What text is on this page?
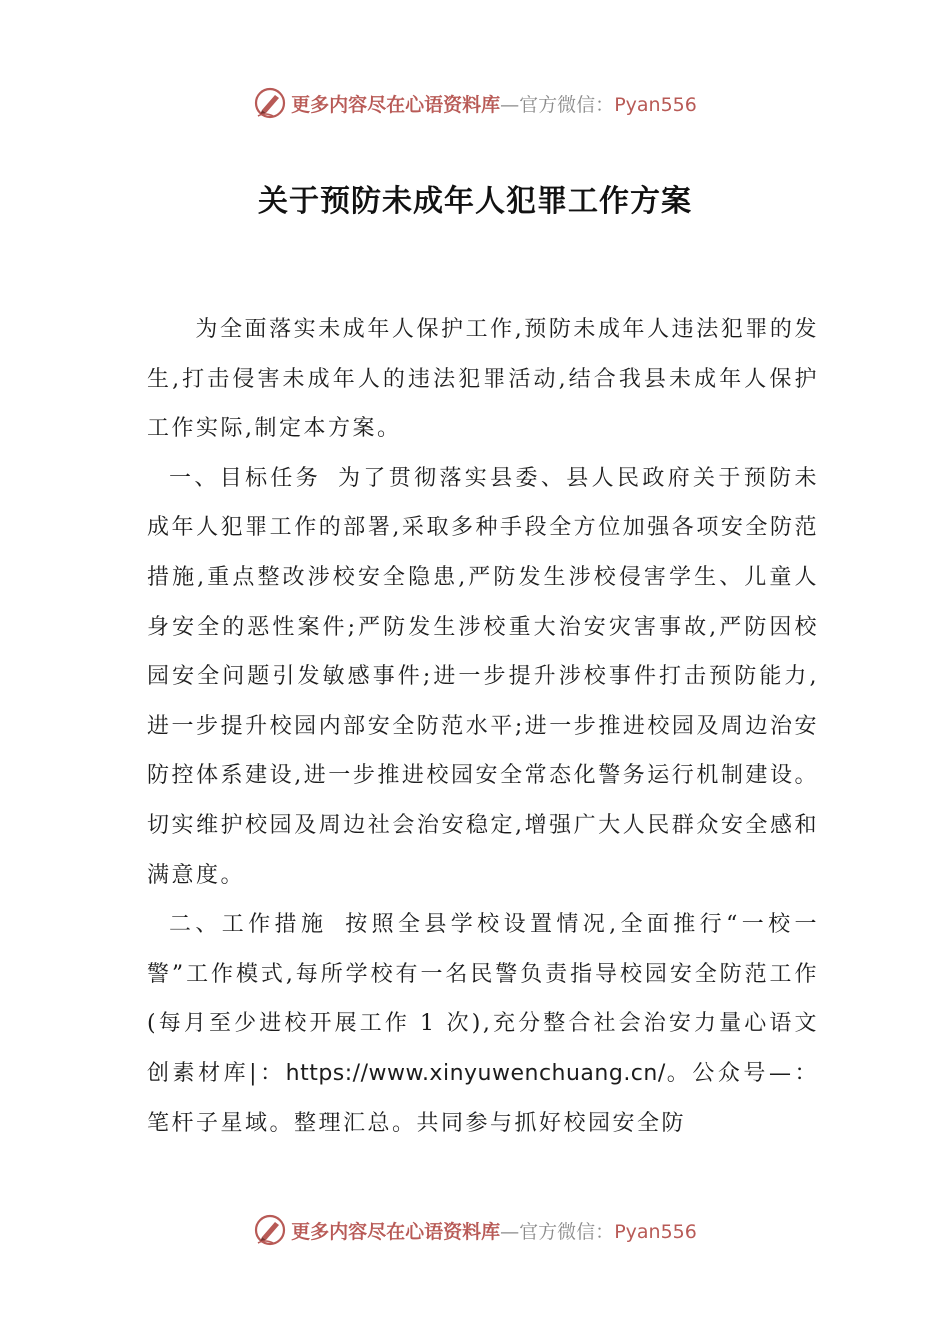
更多内容尽在心语资料库—官方微信：Pyan556
关于预防未成年人犯罪工作方案

为全面落实未成年人保护工作,预防未成年人违法犯罪的发生,打击侵害未成年人的违法犯罪活动,结合我县未成年人保护工作实际,制定本方案。

一、目标任务 为了贯彻落实县委、县人民政府关于预防未成年人犯罪工作的部署,采取多种手段全方位加强各项安全防范措施,重点整改涉校安全隐患,严防发生涉校侵害学生、儿童人身安全的恶性案件;严防发生涉校重大治安灾害事故,严防因校园安全问题引发敏感事件;进一步提升涉校事件打击预防能力,进一步提升校园内部安全防范水平;进一步推进校园及周边治安防控体系建设,进一步推进校园安全常态化警务运行机制建设。切实维护校园及周边社会治安稳定,增强广大人民群众安全感和满意度。

二、工作措施 按照全县学校设置情况,全面推行“一校一警”工作模式,每所学校有一名民警负责指导校园安全防范工作(每月至少进校开展工作 1 次),充分整合社会治安力量心语文创素材库|：https://www.xinyuwenchuang.cn/。公众号—：笔杆子星域。整理汇总。共同参与抓好校园安全防

更多内容尽在心语资料库—官方微信：Pyan556
